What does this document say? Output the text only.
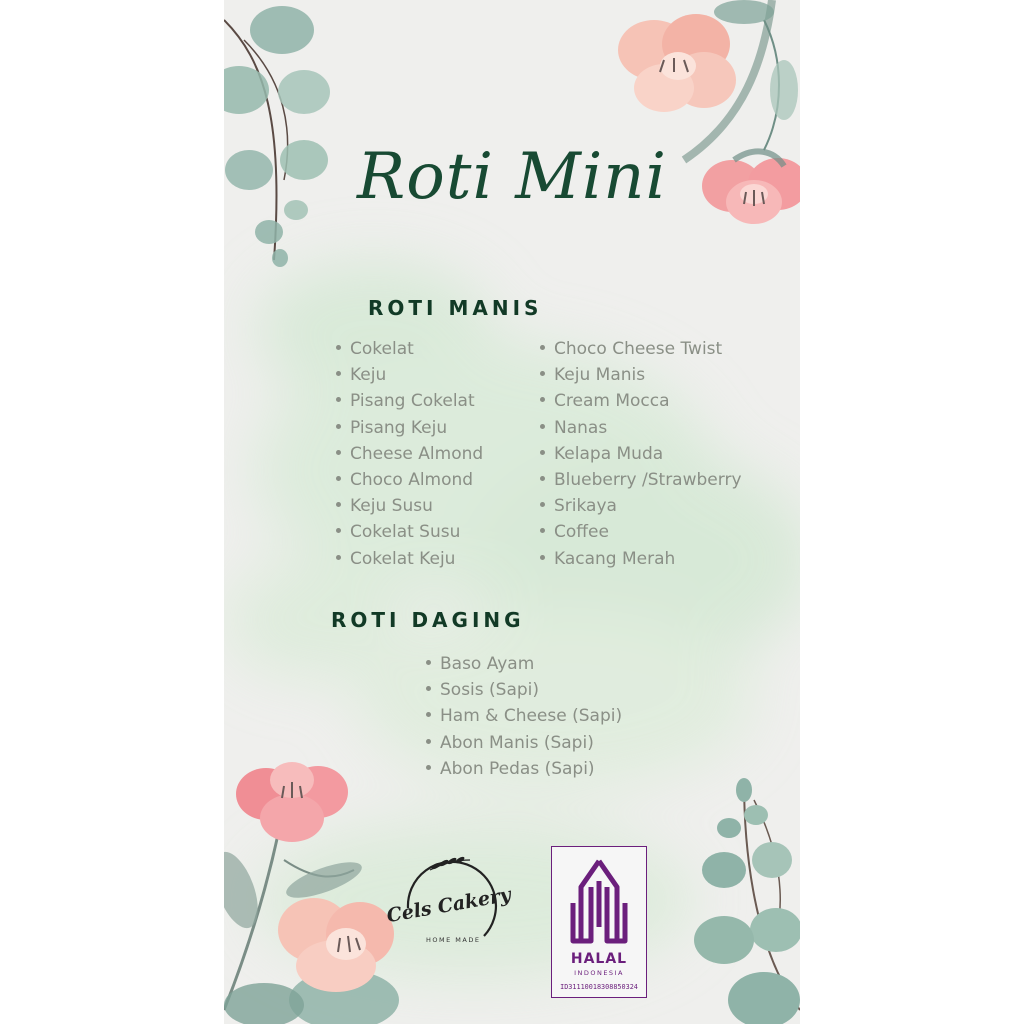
Roti Mini
ROTI MANIS
Cokelat
Keju
Pisang Cokelat
Pisang Keju
Cheese Almond
Choco Almond
Keju Susu
Cokelat Susu
Cokelat Keju
Choco Cheese Twist
Keju Manis
Cream Mocca
Nanas
Kelapa Muda
Blueberry /Strawberry
Srikaya
Coffee
Kacang Merah
ROTI DAGING
Baso Ayam
Sosis (Sapi)
Ham & Cheese (Sapi)
Abon Manis (Sapi)
Abon Pedas (Sapi)
Cels Cakery
HOME MADE
HALAL
INDONESIA
ID31110018308850324
